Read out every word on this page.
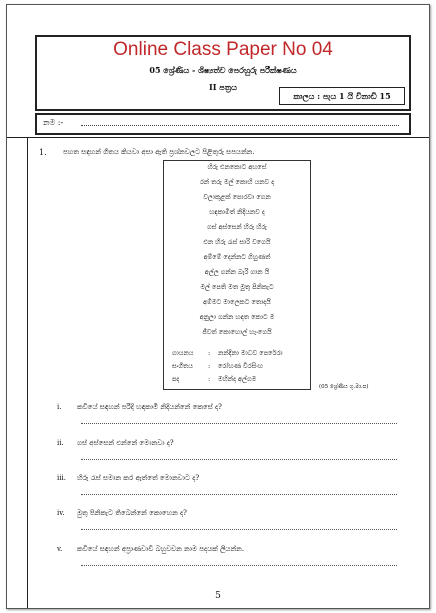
Online Class Paper No 04
05 ශ්‍රේණිය - ශිෂ්‍යත්ව පෙරහුරු පරීක්ෂණය
II පත්‍රය
කාලය : පැය 1 යි විනාඩි 15
නම :-
1. පහත සඳහන් ගීතය කියවා අසා ඇති ප්‍රශ්නවලට පිළිතුරු සපයන්න.
හිරු එනකොට අහසේ
රන් තරු මල් කොහි යනව ද
වලාකුළක් පොරවා ගෙන
හඳකාමිත් නිදියනව ද
ගස් අස්සෙන් හිරු හිරු
එන හිරු රැස් සාරි වගෙයි
අම්මේ දෙන්නට ගිහුණත්
අල්ල ගන්න බැරි ගාන යි
මල් පෙති මත මුතු පිනිකැට
අම්මට මාලෙකට තොදයි
අනුලා ගන්න හඳත කොට ම
ජීවත් කොහොල් හැංගෙයි
ගායනය : නන්දිනා මාධව පෙරේරා
සංගීතය : රෝහණ වීරසිංහ
පද	: මහින්ද අල්ගම
(05 ශ්‍රේණිය ගු.මා.ප)
i. කවියේ සඳහන් පරිදි හඳකාමි නිදියන්නේ කෙසේ ද?
ii. ගස් අස්සෙන් එන්නේ මොනවා ද?
iii. හිරු රැස් සමාන කර ඇත්තේ මොනවාට ද?
iv. මුතු පිනිකැට තිබෙන්නේ කොහෙන ද?
v. කවියේ සඳහන් අප්‍රාණවාචී බහුවචන නාම පදයක් ලියන්න.
5
